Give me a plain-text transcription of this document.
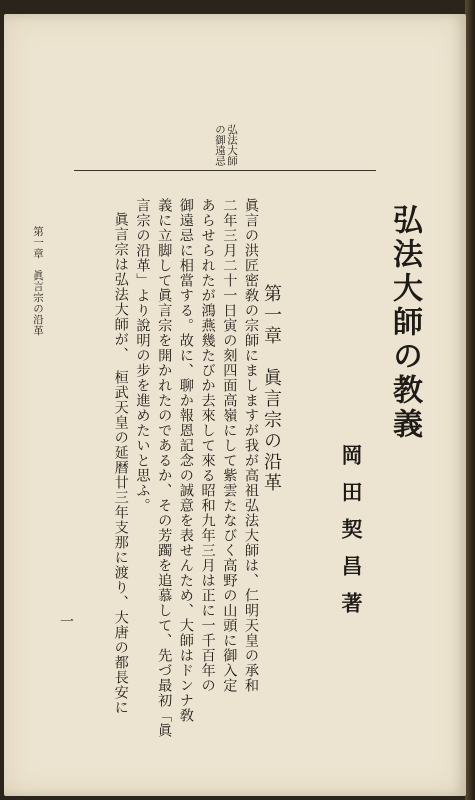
弘法大師
の御遠忌
弘法大師の教義
岡田契昌著
第一章　眞言宗の沿革
眞言の洪匠密敎の宗師にましますが我が高祖弘法大師は、仁明天皇の承和
二年三月二十一日寅の刻四面高嶺にして紫雲たなびく高野の山頭に御入定
あらせられたが鴻燕幾たびか去來して來る昭和九年三月は正に一千百年の
御遠忌に相當する。故に、聊か報恩記念の誠意を表せんため、大師はドンナ敎
義に立脚して眞言宗を開かれたのであるか、その芳躅を追慕して、先づ最初「眞
言宗の沿革」より說明の步を進めたいと思ふ。
眞言宗は弘法大師が、　桓武天皇の延暦廿三年支那に渡り、大唐の都長安に
第一章　眞言宗の沿革
一
